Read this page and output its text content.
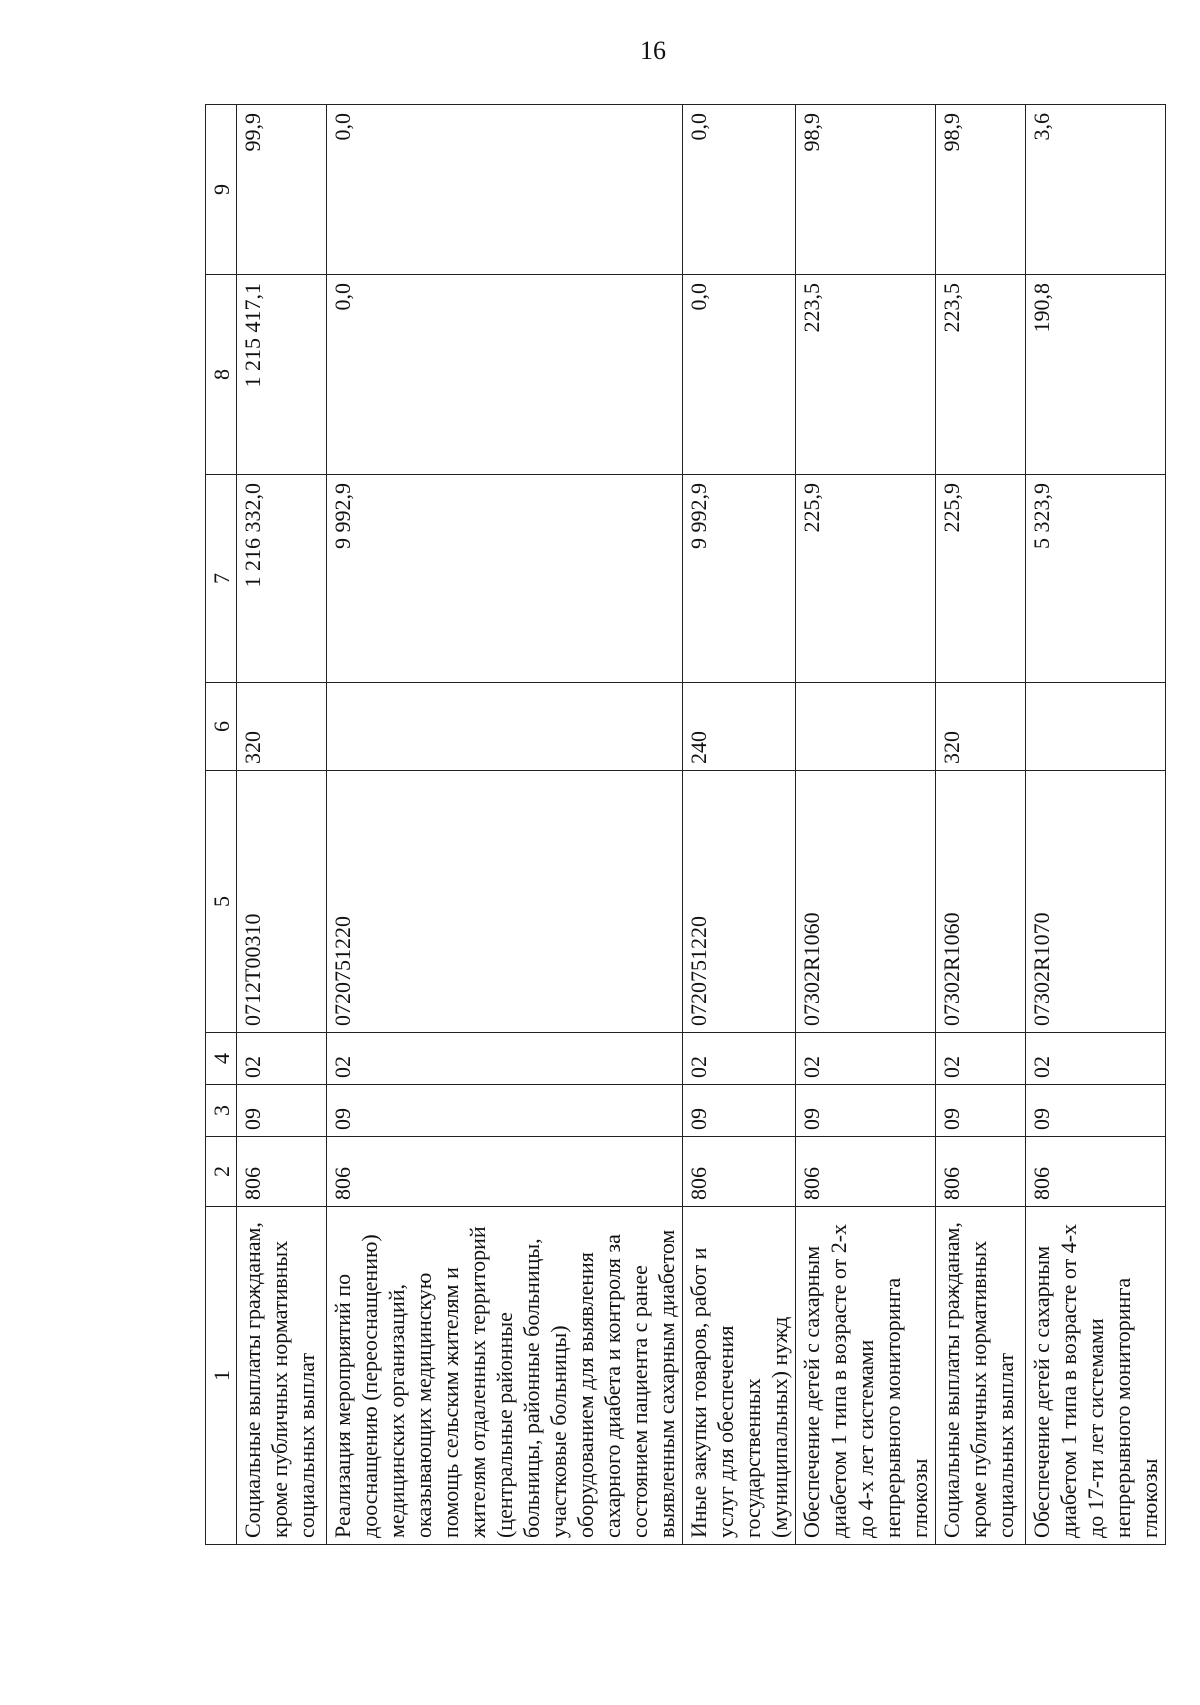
16
1	2	3	4	5	6	7	8	9
Социальные выплаты гражданам, кроме публичных нормативных социальных выплат	806	09	02	0712Т00310	320	1 216 332,0	1 215 417,1	99,9
Реализация мероприятий по дооснащению (переоснащению) медицинских организаций, оказывающих медицинскую помощь сельским жителям и жителям отдаленных территорий (центральные районные больницы, районные больницы, участковые больницы) оборудованием для выявления сахарного диабета и контроля за состоянием пациента с ранее выявленным сахарным диабетом	806	09	02	0720751220		9 992,9	0,0	0,0
Иные закупки товаров, работ и услуг для обеспечения государственных (муниципальных) нужд	806	09	02	0720751220	240	9 992,9	0,0	0,0
Обеспечение детей с сахарным диабетом 1 типа в возрасте от 2-х до 4-х лет системами непрерывного мониторинга глюкозы	806	09	02	07302R1060		225,9	223,5	98,9
Социальные выплаты гражданам, кроме публичных нормативных социальных выплат	806	09	02	07302R1060	320	225,9	223,5	98,9
Обеспечение детей с сахарным диабетом 1 типа в возрасте от 4-х до 17-ти лет системами непрерывного мониторинга глюкозы	806	09	02	07302R1070		5 323,9	190,8	3,6
